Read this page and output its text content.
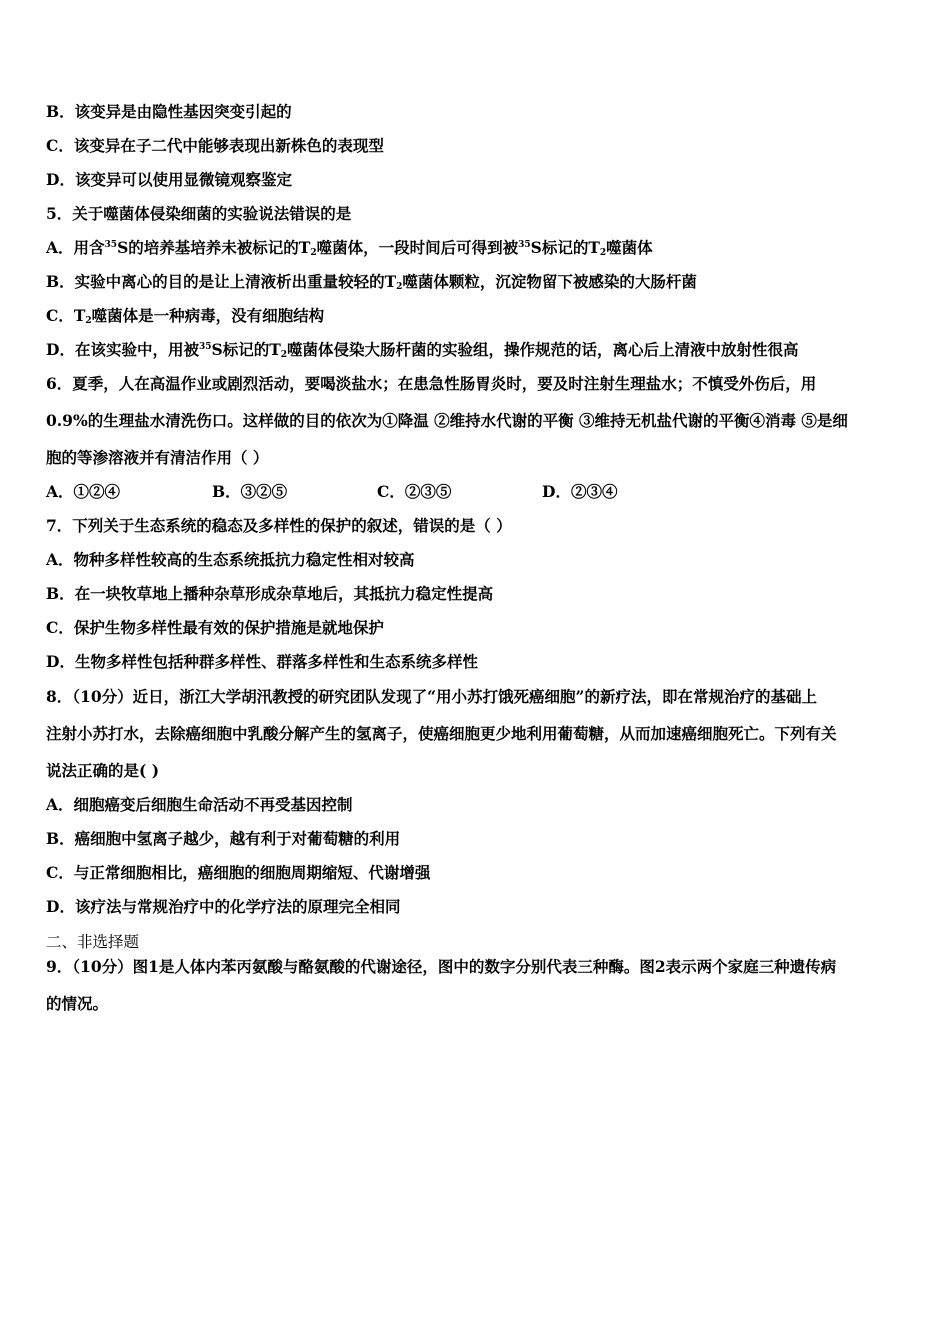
B．该变异是由隐性基因突变引起的
C．该变异在子二代中能够表现出新株色的表现型
D．该变异可以使用显微镜观察鉴定
5．关于噬菌体侵染细菌的实验说法错误的是
A．用含$^{35}$S的培养基培养未被标记的$T_2$噬菌体，一段时间后可得到被$^{35}$S标记的$T_2$噬菌体
B．实验中离心的目的是让上清液析出重量较轻的$T_2$噬菌体颗粒，沉淀物留下被感染的大肠杆菌
C．$T_2$噬菌体是一种病毒，没有细胞结构
D．在该实验中，用被$^{35}$S标记的$T_2$噬菌体侵染大肠杆菌的实验组，操作规范的话，离心后上清液中放射性很高
6．夏季，人在高温作业或剧烈活动，要喝淡盐水；在患急性肠胃炎时，要及时注射生理盐水；不慎受外伤后，用
0.9%的生理盐水清洗伤口。这样做的目的依次为①降温 ②维持水代谢的平衡 ③维持无机盐代谢的平衡④消毒 ⑤是细
胞的等渗溶液并有清洁作用（ ）
A．①②④	B．③②⑤	C．②③⑤	D．②③④
7．下列关于生态系统的稳态及多样性的保护的叙述，错误的是（ ）
A．物种多样性较高的生态系统抵抗力稳定性相对较高
B．在一块牧草地上播种杂草形成杂草地后，其抵抗力稳定性提高
C．保护生物多样性最有效的保护措施是就地保护
D．生物多样性包括种群多样性、群落多样性和生态系统多样性
8．（10分）近日，浙江大学胡汛教授的研究团队发现了“用小苏打饿死癌细胞”的新疗法，即在常规治疗的基础上
注射小苏打水，去除癌细胞中乳酸分解产生的氢离子，使癌细胞更少地利用葡萄糖，从而加速癌细胞死亡。下列有关
说法正确的是( )
A．细胞癌变后细胞生命活动不再受基因控制
B．癌细胞中氢离子越少，越有利于对葡萄糖的利用
C．与正常细胞相比，癌细胞的细胞周期缩短、代谢增强
D．该疗法与常规治疗中的化学疗法的原理完全相同
二、非选择题
9．（10分）图1是人体内苯丙氨酸与酪氨酸的代谢途径，图中的数字分别代表三种酶。图2表示两个家庭三种遗传病
的情况。
